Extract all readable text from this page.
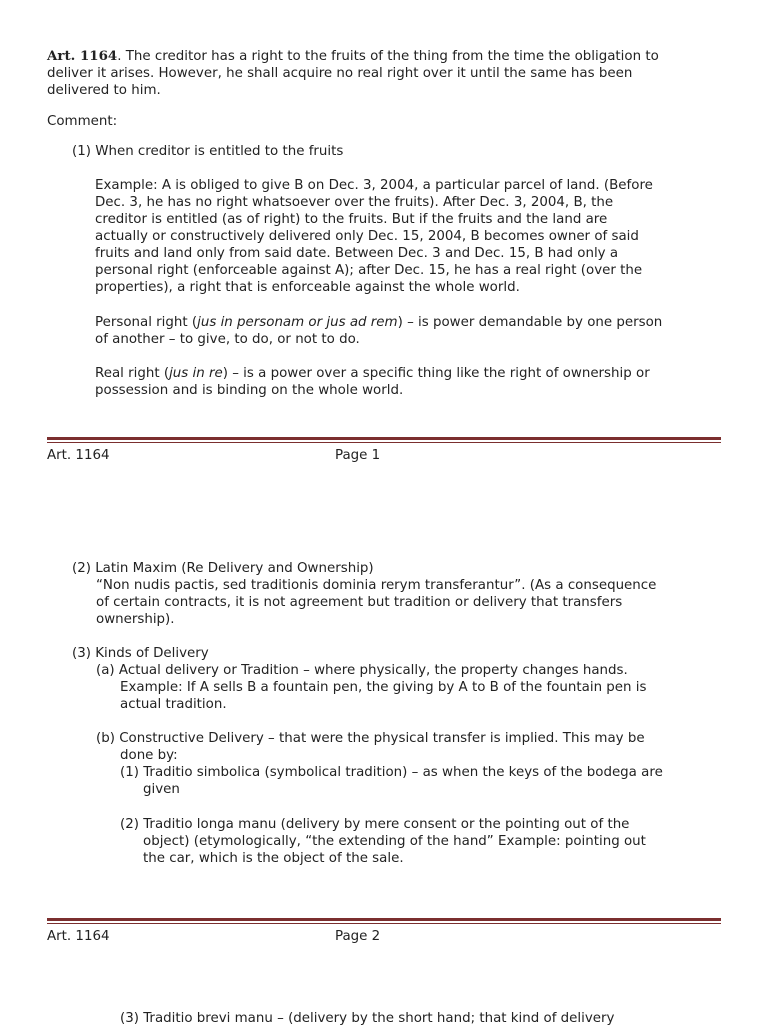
Art. 1164. The creditor has a right to the fruits of the thing from the time the obligation to
deliver it arises. However, he shall acquire no real right over it until the same has been
delivered to him.

Comment:

(1) When creditor is entitled to the fruits

Example: A is obliged to give B on Dec. 3, 2004, a particular parcel of land. (Before
Dec. 3, he has no right whatsoever over the fruits). After Dec. 3, 2004, B, the
creditor is entitled (as of right) to the fruits. But if the fruits and the land are
actually or constructively delivered only Dec. 15, 2004, B becomes owner of said
fruits and land only from said date. Between Dec. 3 and Dec. 15, B had only a
personal right (enforceable against A); after Dec. 15, he has a real right (over the
properties), a right that is enforceable against the whole world.

Personal right (jus in personam or jus ad rem) – is power demandable by one person
of another – to give, to do, or not to do.

Real right (jus in re) – is a power over a specific thing like the right of ownership or
possession and is binding on the whole world.

Art. 1164	Page 1

(2) Latin Maxim (Re Delivery and Ownership)

“Non nudis pactis, sed traditionis dominia rerym transferantur”. (As a consequence
of certain contracts, it is not agreement but tradition or delivery that transfers
ownership).

(3) Kinds of Delivery

(a) Actual delivery or Tradition – where physically, the property changes hands.

Example: If A sells B a fountain pen, the giving by A to B of the fountain pen is
actual tradition.

(b) Constructive Delivery – that were the physical transfer is implied. This may be

done by:

(1) Traditio simbolica (symbolical tradition) – as when the keys of the bodega are

given

(2) Traditio longa manu (delivery by mere consent or the pointing out of the

object) (etymologically, “the extending of the hand” Example: pointing out
the car, which is the object of the sale.

Art. 1164	Page 2

(3) Traditio brevi manu – (delivery by the short hand; that kind of delivery
